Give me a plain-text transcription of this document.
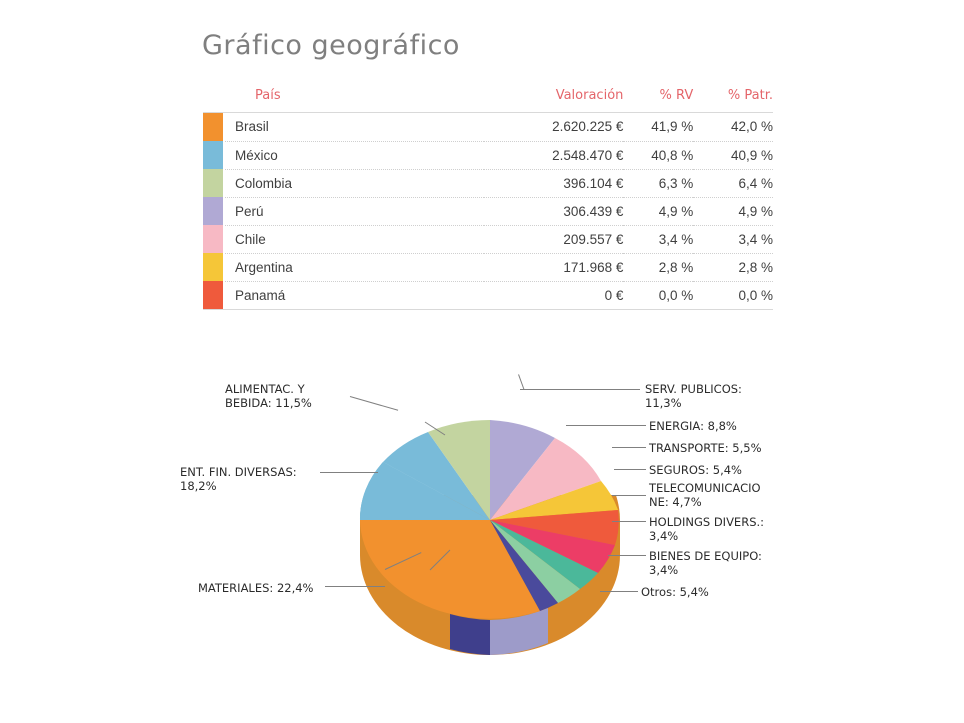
Gráfico geográfico
	País	Valoración	% RV	% Patr.

	Brasil	2.620.225 €	41,9 %	42,0 %

	México	2.548.470 €	40,8 %	40,9 %

	Colombia	396.104 €	6,3 %	6,4 %

	Perú	306.439 €	4,9 %	4,9 %

	Chile	209.557 €	3,4 %	3,4 %

	Argentina	171.968 €	2,8 %	2,8 %

	Panamá	0 €	0,0 %	0,0 %
ALIMENTAC. Y
BEBIDA: 11,5%
ENT. FIN. DIVERSAS:
18,2%
MATERIALES: 22,4%
SERV. PUBLICOS:
11,3%
ENERGIA: 8,8%
TRANSPORTE: 5,5%
SEGUROS: 5,4%
TELECOMUNICACIO
NE: 4,7%
HOLDINGS DIVERS.:
3,4%
BIENES DE EQUIPO:
3,4%
Otros: 5,4%
